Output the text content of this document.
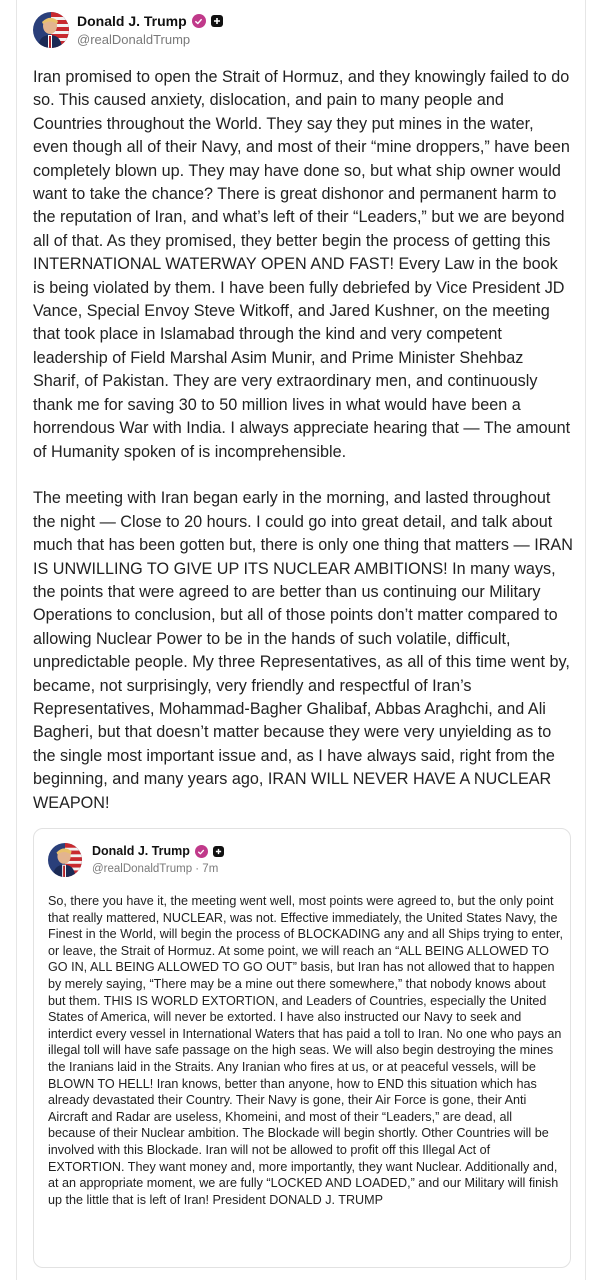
Donald J. Trump
@realDonaldTrump

Iran promised to open the Strait of Hormuz, and they knowingly failed to do so. This caused anxiety, dislocation, and pain to many people and Countries throughout the World. They say they put mines in the water, even though all of their Navy, and most of their “mine droppers,” have been completely blown up. They may have done so, but what ship owner would want to take the chance? There is great dishonor and permanent harm to the reputation of Iran, and what’s left of their “Leaders,” but we are beyond all of that. As they promised, they better begin the process of getting this INTERNATIONAL WATERWAY OPEN AND FAST! Every Law in the book is being violated by them. I have been fully debriefed by Vice President JD Vance, Special Envoy Steve Witkoff, and Jared Kushner, on the meeting that took place in Islamabad through the kind and very competent leadership of Field Marshal Asim Munir, and Prime Minister Shehbaz Sharif, of Pakistan. They are very extraordinary men, and continuously thank me for saving 30 to 50 million lives in what would have been a horrendous War with India. I always appreciate hearing that — The amount of Humanity spoken of is incomprehensible.

The meeting with Iran began early in the morning, and lasted throughout the night — Close to 20 hours. I could go into great detail, and talk about much that has been gotten but, there is only one thing that matters — IRAN IS UNWILLING TO GIVE UP ITS NUCLEAR AMBITIONS! In many ways, the points that were agreed to are better than us continuing our Military Operations to conclusion, but all of those points don’t matter compared to allowing Nuclear Power to be in the hands of such volatile, difficult, unpredictable people. My three Representatives, as all of this time went by, became, not surprisingly, very friendly and respectful of Iran’s Representatives, Mohammad-Bagher Ghalibaf, Abbas Araghchi, and Ali Bagheri, but that doesn’t matter because they were very unyielding as to the single most important issue and, as I have always said, right from the beginning, and many years ago, IRAN WILL NEVER HAVE A NUCLEAR WEAPON!

Donald J. Trump
@realDonaldTrump · 7m
So, there you have it, the meeting went well, most points were agreed to, but the only point that really mattered, NUCLEAR, was not. Effective immediately, the United States Navy, the Finest in the World, will begin the process of BLOCKADING any and all Ships trying to enter, or leave, the Strait of Hormuz. At some point, we will reach an “ALL BEING ALLOWED TO GO IN, ALL BEING ALLOWED TO GO OUT” basis, but Iran has not allowed that to happen by merely saying, “There may be a mine out there somewhere,” that nobody knows about but them. THIS IS WORLD EXTORTION, and Leaders of Countries, especially the United States of America, will never be extorted. I have also instructed our Navy to seek and interdict every vessel in International Waters that has paid a toll to Iran. No one who pays an illegal toll will have safe passage on the high seas. We will also begin destroying the mines the Iranians laid in the Straits. Any Iranian who fires at us, or at peaceful vessels, will be BLOWN TO HELL! Iran knows, better than anyone, how to END this situation which has already devastated their Country. Their Navy is gone, their Air Force is gone, their Anti Aircraft and Radar are useless, Khomeini, and most of their “Leaders,” are dead, all because of their Nuclear ambition. The Blockade will begin shortly. Other Countries will be involved with this Blockade. Iran will not be allowed to profit off this Illegal Act of EXTORTION. They want money and, more importantly, they want Nuclear. Additionally and, at an appropriate moment, we are fully “LOCKED AND LOADED,” and our Military will finish up the little that is left of Iran! President DONALD J. TRUMP
